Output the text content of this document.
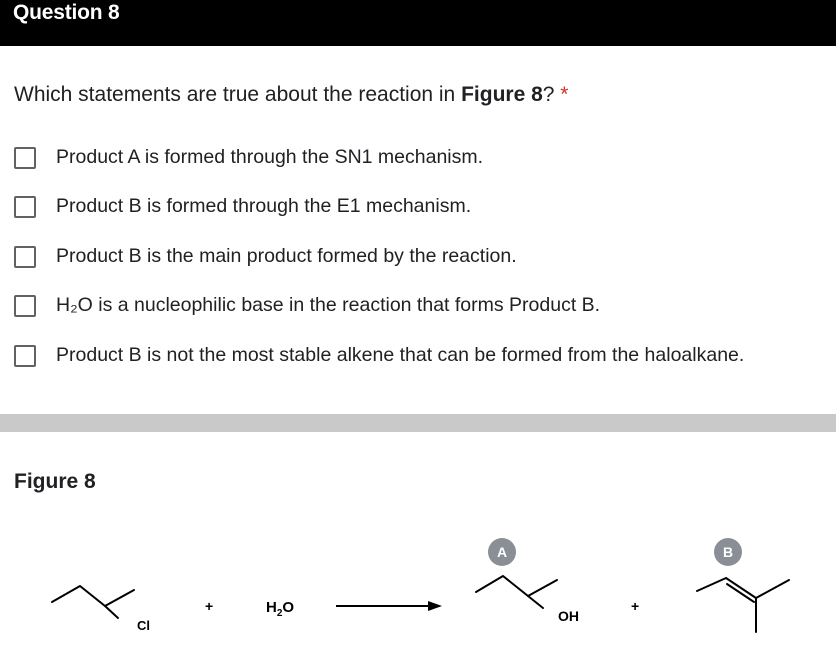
Question 8
Which statements are true about the reaction in Figure 8? *
Product A is formed through the SN1 mechanism.
Product B is formed through the E1 mechanism.
Product B is the main product formed by the reaction.
H₂O is a nucleophilic base in the reaction that forms Product B.
Product B is not the most stable alkene that can be formed from the haloalkane.
Figure 8
Cl
+	$H_2O$
A
OH
+
B
